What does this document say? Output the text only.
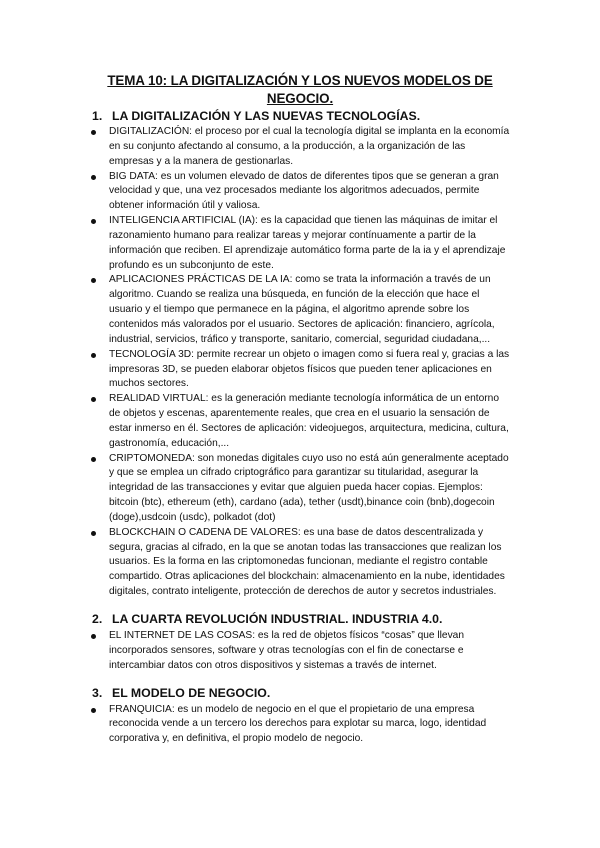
TEMA 10: LA DIGITALIZACIÓN Y LOS NUEVOS MODELOS DE NEGOCIO.
1. LA DIGITALIZACIÓN Y LAS NUEVAS TECNOLOGÍAS.
DIGITALIZACIÓN: el proceso por el cual la tecnología digital se implanta en la economía en su conjunto afectando al consumo, a la producción, a la organización de las empresas y a la manera de gestionarlas.
BIG DATA: es un volumen elevado de datos de diferentes tipos que se generan a gran velocidad y que, una vez procesados mediante los algoritmos adecuados, permite obtener información útil y valiosa.
INTELIGENCIA ARTIFICIAL (IA): es la capacidad que tienen las máquinas de imitar el razonamiento humano para realizar tareas y mejorar contínuamente a partir de la información que reciben. El aprendizaje automático forma parte de la ia y el aprendizaje profundo es un subconjunto de este.
APLICACIONES PRÁCTICAS DE LA IA: como se trata la información a través de un algoritmo. Cuando se realiza una búsqueda, en función de la elección que hace el usuario y el tiempo que permanece en la página, el algoritmo aprende sobre los contenidos más valorados por el usuario. Sectores de aplicación: financiero, agrícola, industrial, servicios, tráfico y transporte, sanitario, comercial, seguridad ciudadana,...
TECNOLOGÍA 3D: permite recrear un objeto o imagen como si fuera real y, gracias a las impresoras 3D, se pueden elaborar objetos físicos que pueden tener aplicaciones en muchos sectores.
REALIDAD VIRTUAL: es la generación mediante tecnología informática de un entorno de objetos y escenas, aparentemente reales, que crea en el usuario la sensación de estar inmerso en él. Sectores de aplicación: videojuegos, arquitectura, medicina, cultura, gastronomía, educación,...
CRIPTOMONEDA: son monedas digitales cuyo uso no está aún generalmente aceptado y que se emplea un cifrado criptográfico para garantizar su titularidad, asegurar la integridad de las transacciones y evitar que alguien pueda hacer copias. Ejemplos: bitcoin (btc), ethereum (eth), cardano (ada), tether (usdt),binance coin (bnb),dogecoin (doge),usdcoin (usdc), polkadot (dot)
BLOCKCHAIN O CADENA DE VALORES: es una base de datos descentralizada y segura, gracias al cifrado, en la que se anotan todas las transacciones que realizan los usuarios. Es la forma en las criptomonedas funcionan, mediante el registro contable compartido. Otras aplicaciones del blockchain: almacenamiento en la nube, identidades digitales, contrato inteligente, protección de derechos de autor y secretos industriales.
2. LA CUARTA REVOLUCIÓN INDUSTRIAL. INDUSTRIA 4.0.
EL INTERNET DE LAS COSAS: es la red de objetos físicos “cosas” que llevan incorporados sensores, software y otras tecnologías con el fin de conectarse e intercambiar datos con otros dispositivos y sistemas a través de internet.
3. EL MODELO DE NEGOCIO.
FRANQUICIA: es un modelo de negocio en el que el propietario de una empresa reconocida vende a un tercero los derechos para explotar su marca, logo, identidad corporativa y, en definitiva, el propio modelo de negocio.
